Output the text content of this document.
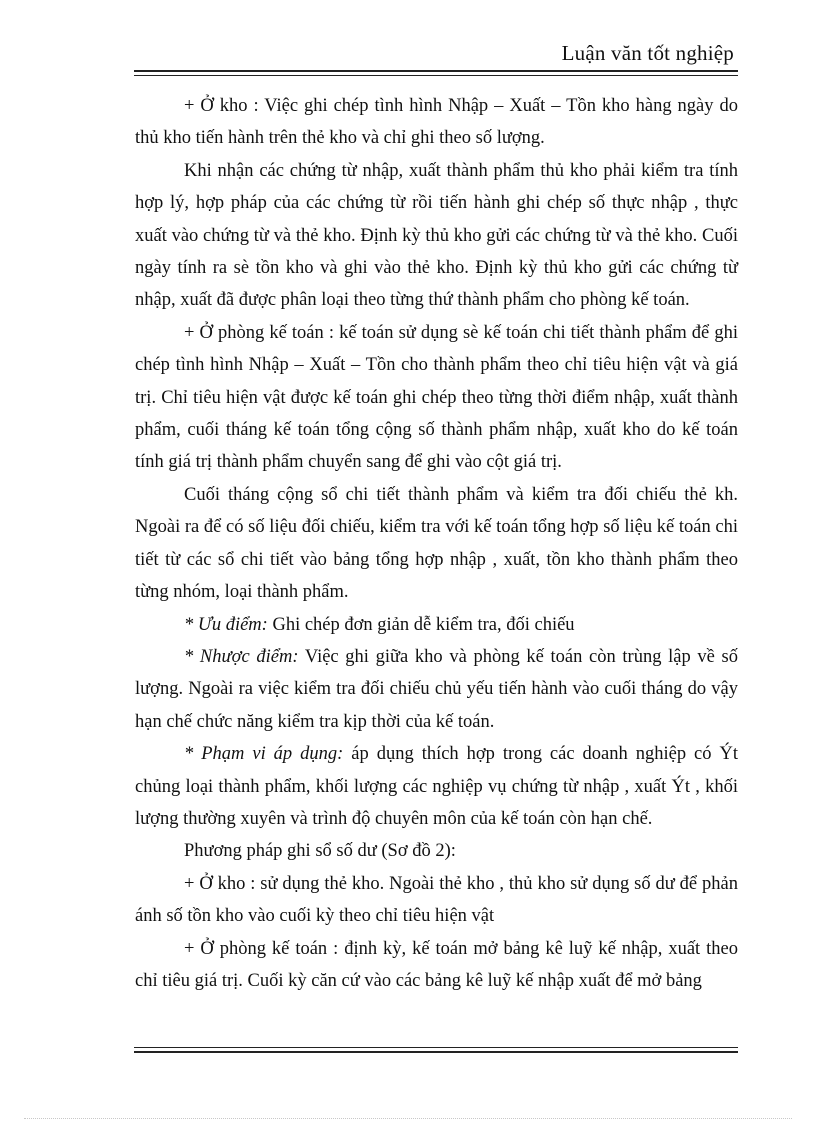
Luận văn tốt nghiệp

+ Ở kho : Việc ghi chép tình hình Nhập – Xuất – Tồn kho hàng ngày do thủ kho tiến hành trên thẻ kho và chỉ ghi theo số lượng.

Khi nhận các chứng từ nhập, xuất thành phẩm thủ kho phải kiểm tra tính hợp lý, hợp pháp của các chứng từ rồi tiến hành ghi chép số thực nhập , thực xuất vào chứng từ và thẻ kho. Định kỳ thủ kho gửi các chứng từ và thẻ kho. Cuối ngày tính ra sè tồn kho và ghi vào thẻ kho. Định kỳ thủ kho gửi các chứng từ nhập, xuất đã được phân loại theo từng thứ thành phẩm cho phòng kế toán.

+ Ở phòng kế toán : kế toán sử dụng sè kế toán chi tiết thành phẩm để ghi chép tình hình Nhập – Xuất – Tồn cho thành phẩm theo chỉ tiêu hiện vật và giá trị. Chỉ tiêu hiện vật được kế toán ghi chép theo từng thời điểm nhập, xuất thành phẩm, cuối tháng kế toán tổng cộng số thành phẩm nhập, xuất kho do kế toán tính giá trị thành phẩm chuyển sang để ghi vào cột giá trị.

Cuối tháng cộng sổ chi tiết thành phẩm và kiểm tra đối chiếu thẻ kh. Ngoài ra để có số liệu đối chiếu, kiểm tra với kế toán tổng hợp số liệu kế toán chi tiết từ các sổ chi tiết vào bảng tổng hợp nhập , xuất, tồn kho thành phẩm theo từng nhóm, loại thành phẩm.

* Ưu điểm: Ghi chép đơn giản dễ kiểm tra, đối chiếu

* Nhược điểm: Việc ghi giữa kho và phòng kế toán còn trùng lập về số lượng. Ngoài ra việc kiểm tra đối chiếu chủ yếu tiến hành vào cuối tháng do vậy hạn chế chức năng kiểm tra kịp thời của kế toán.

* Phạm vi áp dụng: áp dụng thích hợp trong các doanh nghiệp có Ýt chủng loại thành phẩm, khối lượng các nghiệp vụ chứng từ nhập , xuất Ýt , khối lượng thường xuyên và trình độ chuyên môn của kế toán còn hạn chế.

Phương pháp ghi sổ số dư (Sơ đồ 2):

+ Ở kho : sử dụng thẻ kho. Ngoài thẻ kho , thủ kho sử dụng số dư để phản ánh số tồn kho vào cuối kỳ theo chỉ tiêu hiện vật

+ Ở phòng kế toán : định kỳ, kế toán mở bảng kê luỹ kế nhập, xuất theo chỉ tiêu giá trị. Cuối kỳ căn cứ vào các bảng kê luỹ kế nhập xuất để mở bảng
